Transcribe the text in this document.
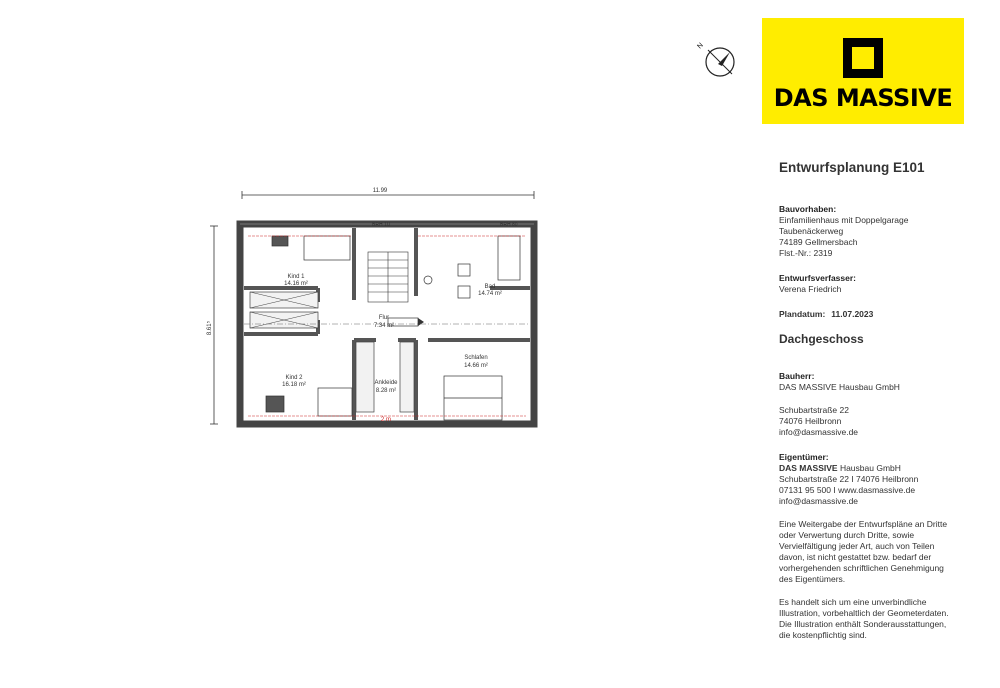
N
DAS MASSIVE
11.99
8.61⁵
BRH 1U	BRH 80
Kind 1
14.16 m²	Bad
14.74 m²
Flur
7.34 m²
Schlafen
14.66 m²
Kind 2
16.18 m²	Ankleide
8.28 m²
2 m
Entwurfsplanung E101
Bauvorhaben:
Einfamilienhaus mit Doppelgarage
Taubenäckerweg
74189 Gellmersbach
Flst.-Nr.: 2319
Entwurfsverfasser:
Verena Friedrich
Plandatum: 11.07.2023
Dachgeschoss
Bauherr:
DAS MASSIVE Hausbau GmbH
Schubartstraße 22
74076 Heilbronn
info@dasmassive.de
Eigentümer:
DAS MASSIVE Hausbau GmbH
Schubartstraße 22 I 74076 Heilbronn
07131 95 500 I www.dasmassive.de
info@dasmassive.de
Eine Weitergabe der Entwurfspläne an Dritte
oder Verwertung durch Dritte, sowie
Vervielfältigung jeder Art, auch von Teilen
davon, ist nicht gestattet bzw. bedarf der
vorhergehenden schriftlichen Genehmigung
des Eigentümers.
Es handelt sich um eine unverbindliche
Illustration, vorbehaltlich der Geometerdaten.
Die Illustration enthält Sonderausstattungen,
die kostenpflichtig sind.
